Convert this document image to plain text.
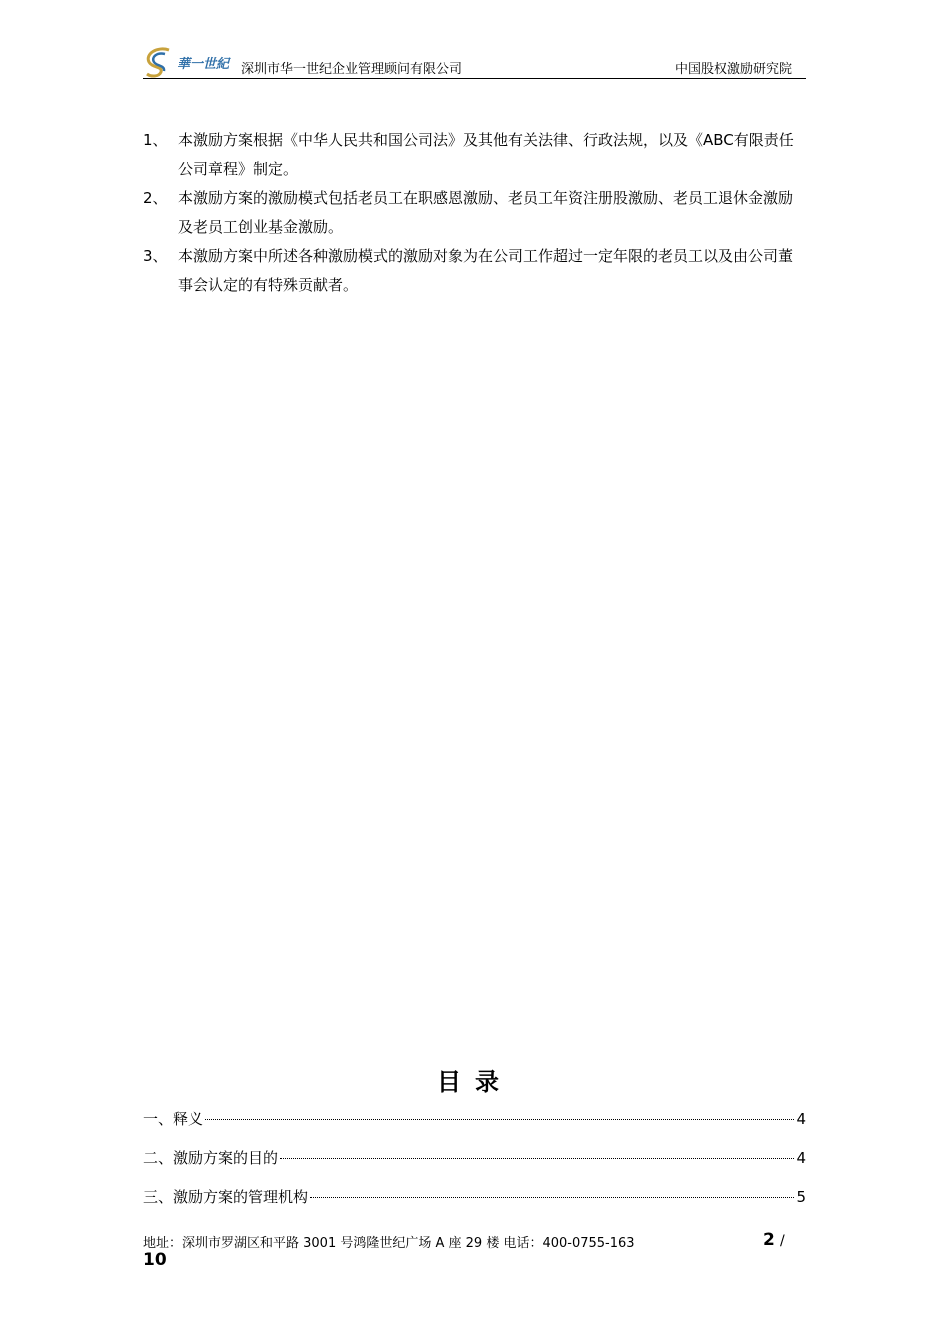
華一世紀 深圳市华一世纪企业管理顾问有限公司	中国股权激励研究院
1、 本激励方案根据《中华人民共和国公司法》及其他有关法律、行政法规，以及《ABC有限责任公司章程》制定。
2、 本激励方案的激励模式包括老员工在职感恩激励、老员工年资注册股激励、老员工退休金激励及老员工创业基金激励。
3、 本激励方案中所述各种激励模式的激励对象为在公司工作超过一定年限的老员工以及由公司董事会认定的有特殊贡献者。
目录
一、释义	4
二、激励方案的目的	4
三、激励方案的管理机构	5
地址：深圳市罗湖区和平路 3001 号鸿隆世纪广场 A 座 29 楼 电话：400-0755-163	2 /
10
